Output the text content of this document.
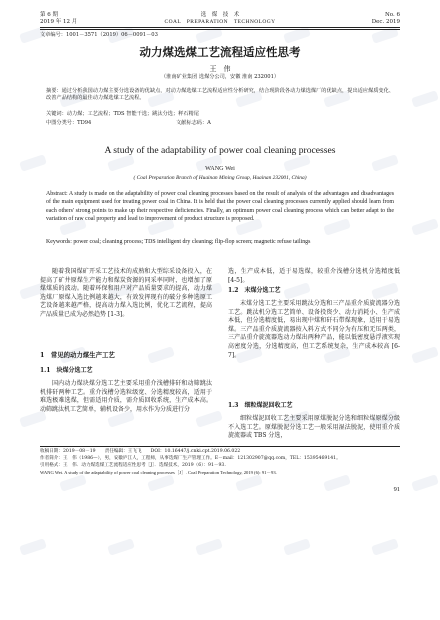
第 6 期
2019 年 12 月
选　煤　技　术
COAL　PREPARATION　TECHNOLOGY
No. 6
Dec. 2019
文章编号：1001－3571（2019）06－0091－03
动力煤选煤工艺流程适应性思考
王　伟
（淮南矿业集团 选煤分公司，安徽 淮南 232001）
摘要：通过分析我国动力煤主要分选设备的优缺点，对动力煤选煤工艺流程适应性分析研究，结合现阶段各动力煤选煤厂的优缺点，提出适应煤质变化、改善产品结构的最佳动力煤选煤工艺流程。
关键词：动力煤；工艺流程；TDS 智能干选；跳汰分选；秤石精尾
中图分类号：TD94	文献标志码：A
A study of the adaptability of power coal cleaning processes
WANG Wei
( Coal Preparation Branch of Huainan Mining Group, Huainan 232001, China)
Abstract: A study is made on the adaptability of power coal cleaning processes based on the result of analysis of the advantages and disadvantages of the main equipment used for treating power coal in China. It is held that the power coal cleaning processes currently applied should learn from each others' strong points to make up their respective deficiencies. Finally, an optimum power coal cleaning process which can better adapt to the variation of raw coal property and lead to improvement of product structure is proposed.
Keywords: power coal; cleaning process; TDS intelligent dry cleaning; flip-flop screen; magnetic refuse tailings
随着我国煤矿开采工艺技术的成熟和大型综采设备投入，在提高了矿井原煤生产能力和煤炭资源的同采率同时，也增加了原煤煤质的波动。随着环保和用户对产品质量要求的提高，动力煤选煤厂原煤入选比例越来越大，有效发挥现有的破分多种选原工艺设备越来越严格，提高动力煤入选比例，优化工艺流程，提高产品质量已成为必然趋势 [1-3]。
1　常见的动力煤生产工艺
1.1　块煤分选工艺
国内动力煤块煤分选工艺主要采用重介浅槽排矸和动筛跳汰机排矸两种工艺。重介浅槽分选粒级宽、分选精度较高，适用于难选极难选煤，但需适用介质，需介质回收系统，生产成本高。动筛跳汰机工艺简单，辅机设备少，用水作为分质进行分
选，生产成本低，适于易选煤，较重介浅槽分选机分选精度低 [4-5]。
1.2　末煤分选工艺
末煤分选工艺主要采用跳汰分选和三产品重介质旋流器分选工艺。跳汰机分选工艺简单、设备投资少、动力消耗小、生产成本低，但分选精度低，易出现中煤和矸石带煤现象，适用于易选煤。三产品重介质旋流器按入料方式不同分为有压和无压两类，三产品重介旋流器选动力煤出两种产品，能以低密度悬浮液实现高密度分选，分选精度高，但工艺系统复杂，生产成本较高 [6-7]。
1.3　细粒煤泥回收工艺
细粒煤泥回收工艺主要采用原煤脱泥分选和细粒煤原煤分级不入选工艺。原煤脱泥分选工艺一般采用湿法脱泥，使用重介质旋流器或 TBS 分选，
收稿日期：2019－08－19　　责任编辑：王飞飞　　DOI：10.16447/j.cnki.cpt.2019.06.022
作者简介：王　伟（1986—），男，安徽庐江人，工程师，从事选煤厂生产管理工作。E－mail：121302907@qq.com，TEL：15395469141。
引用格式：王　伟．动力煤选煤工艺流程适应性思考［J］．选煤技术，2019（6）：91－93.
WANG Wei. A study of the adaptability of power coal cleaning processes［J］. Coal Preparation Technology, 2019 (6): 91－93.
91
